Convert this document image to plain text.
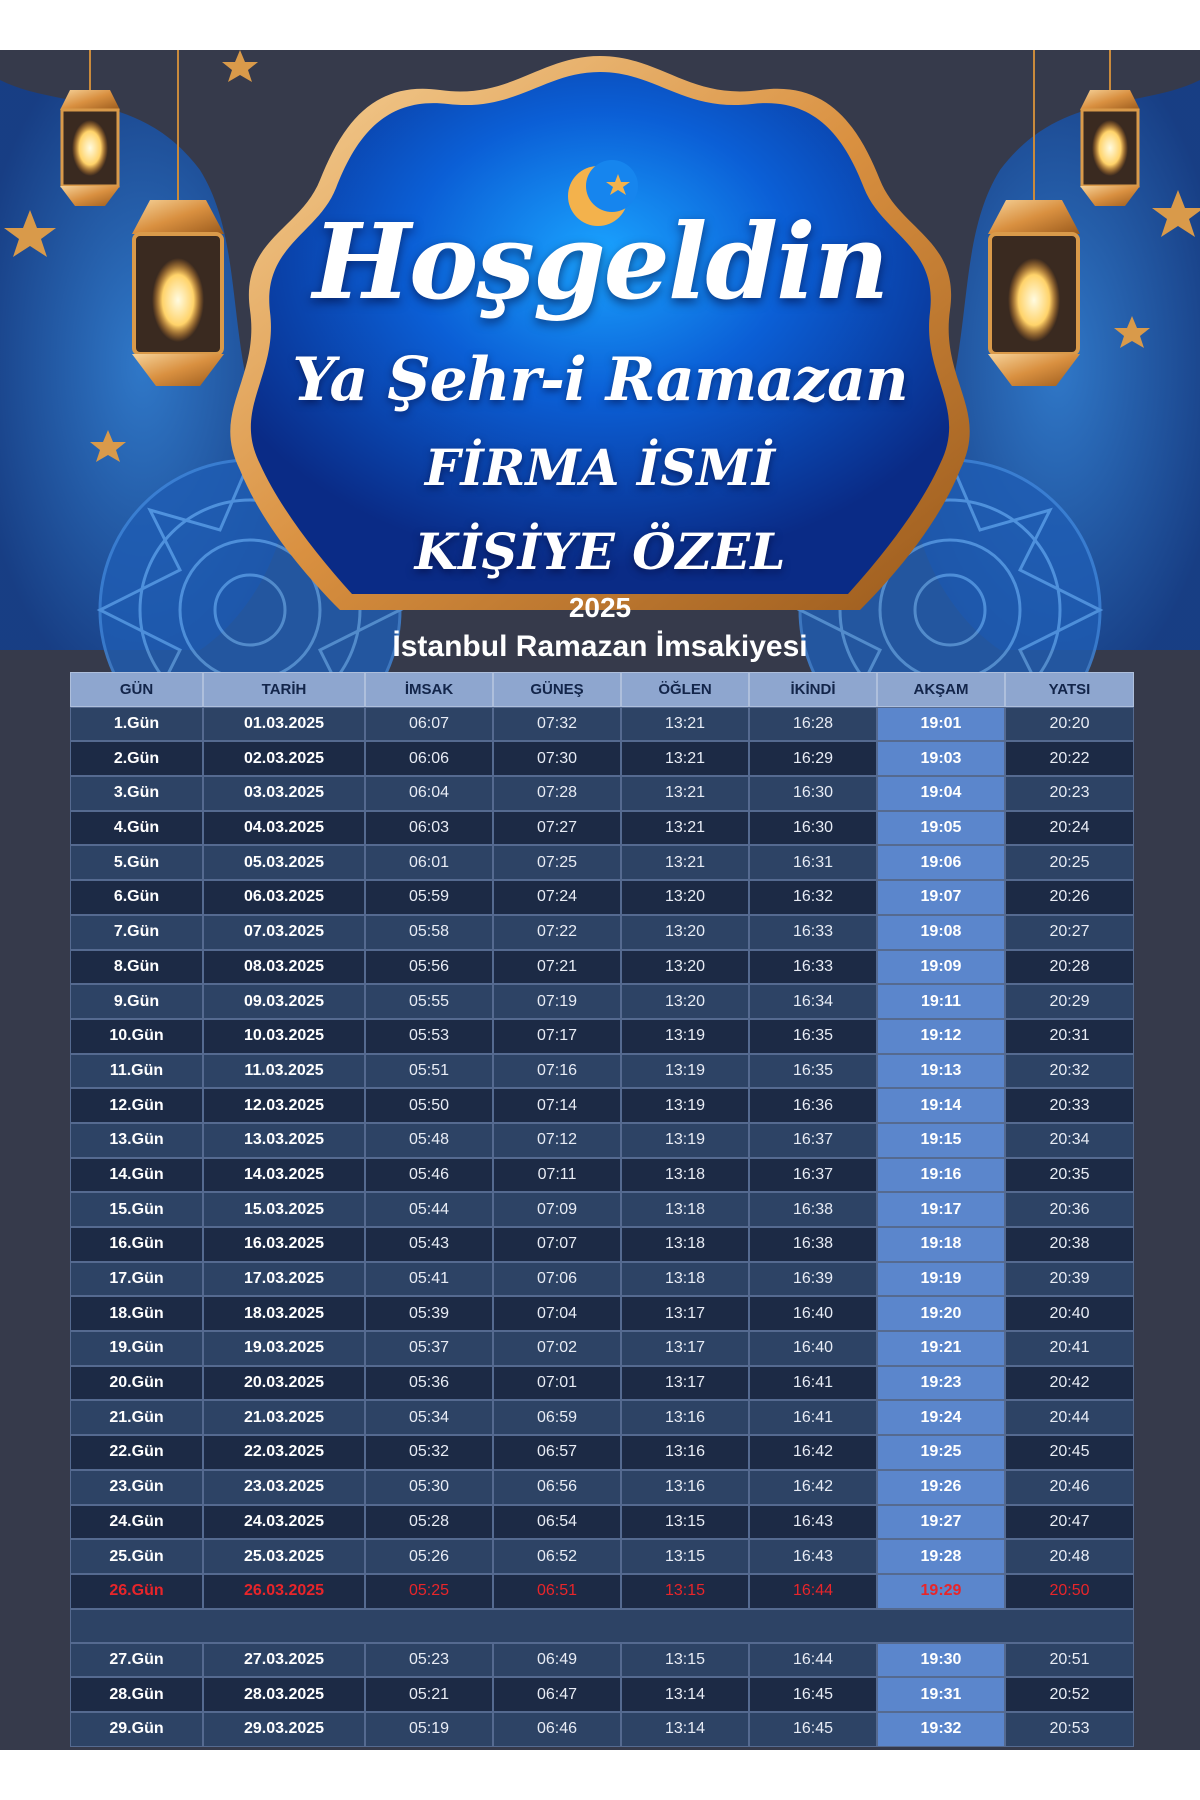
Hoşgeldin
Ya Şehr-i Ramazan
FİRMA İSMİ
KİŞİYE ÖZEL
2025
İstanbul Ramazan İmsakiyesi
GÜN	TARİH	İMSAK	GÜNEŞ	ÖĞLEN	İKİNDİ	AKŞAM	YATSI
1.Gün	01.03.2025	06:07	07:32	13:21	16:28	19:01	20:20
2.Gün	02.03.2025	06:06	07:30	13:21	16:29	19:03	20:22
3.Gün	03.03.2025	06:04	07:28	13:21	16:30	19:04	20:23
4.Gün	04.03.2025	06:03	07:27	13:21	16:30	19:05	20:24
5.Gün	05.03.2025	06:01	07:25	13:21	16:31	19:06	20:25
6.Gün	06.03.2025	05:59	07:24	13:20	16:32	19:07	20:26
7.Gün	07.03.2025	05:58	07:22	13:20	16:33	19:08	20:27
8.Gün	08.03.2025	05:56	07:21	13:20	16:33	19:09	20:28
9.Gün	09.03.2025	05:55	07:19	13:20	16:34	19:11	20:29
10.Gün	10.03.2025	05:53	07:17	13:19	16:35	19:12	20:31
11.Gün	11.03.2025	05:51	07:16	13:19	16:35	19:13	20:32
12.Gün	12.03.2025	05:50	07:14	13:19	16:36	19:14	20:33
13.Gün	13.03.2025	05:48	07:12	13:19	16:37	19:15	20:34
14.Gün	14.03.2025	05:46	07:11	13:18	16:37	19:16	20:35
15.Gün	15.03.2025	05:44	07:09	13:18	16:38	19:17	20:36
16.Gün	16.03.2025	05:43	07:07	13:18	16:38	19:18	20:38
17.Gün	17.03.2025	05:41	07:06	13:18	16:39	19:19	20:39
18.Gün	18.03.2025	05:39	07:04	13:17	16:40	19:20	20:40
19.Gün	19.03.2025	05:37	07:02	13:17	16:40	19:21	20:41
20.Gün	20.03.2025	05:36	07:01	13:17	16:41	19:23	20:42
21.Gün	21.03.2025	05:34	06:59	13:16	16:41	19:24	20:44
22.Gün	22.03.2025	05:32	06:57	13:16	16:42	19:25	20:45
23.Gün	23.03.2025	05:30	06:56	13:16	16:42	19:26	20:46
24.Gün	24.03.2025	05:28	06:54	13:15	16:43	19:27	20:47
25.Gün	25.03.2025	05:26	06:52	13:15	16:43	19:28	20:48
26.Gün	26.03.2025	05:25	06:51	13:15	16:44	19:29	20:50
27.Gün	27.03.2025	05:23	06:49	13:15	16:44	19:30	20:51
28.Gün	28.03.2025	05:21	06:47	13:14	16:45	19:31	20:52
29.Gün	29.03.2025	05:19	06:46	13:14	16:45	19:32	20:53
